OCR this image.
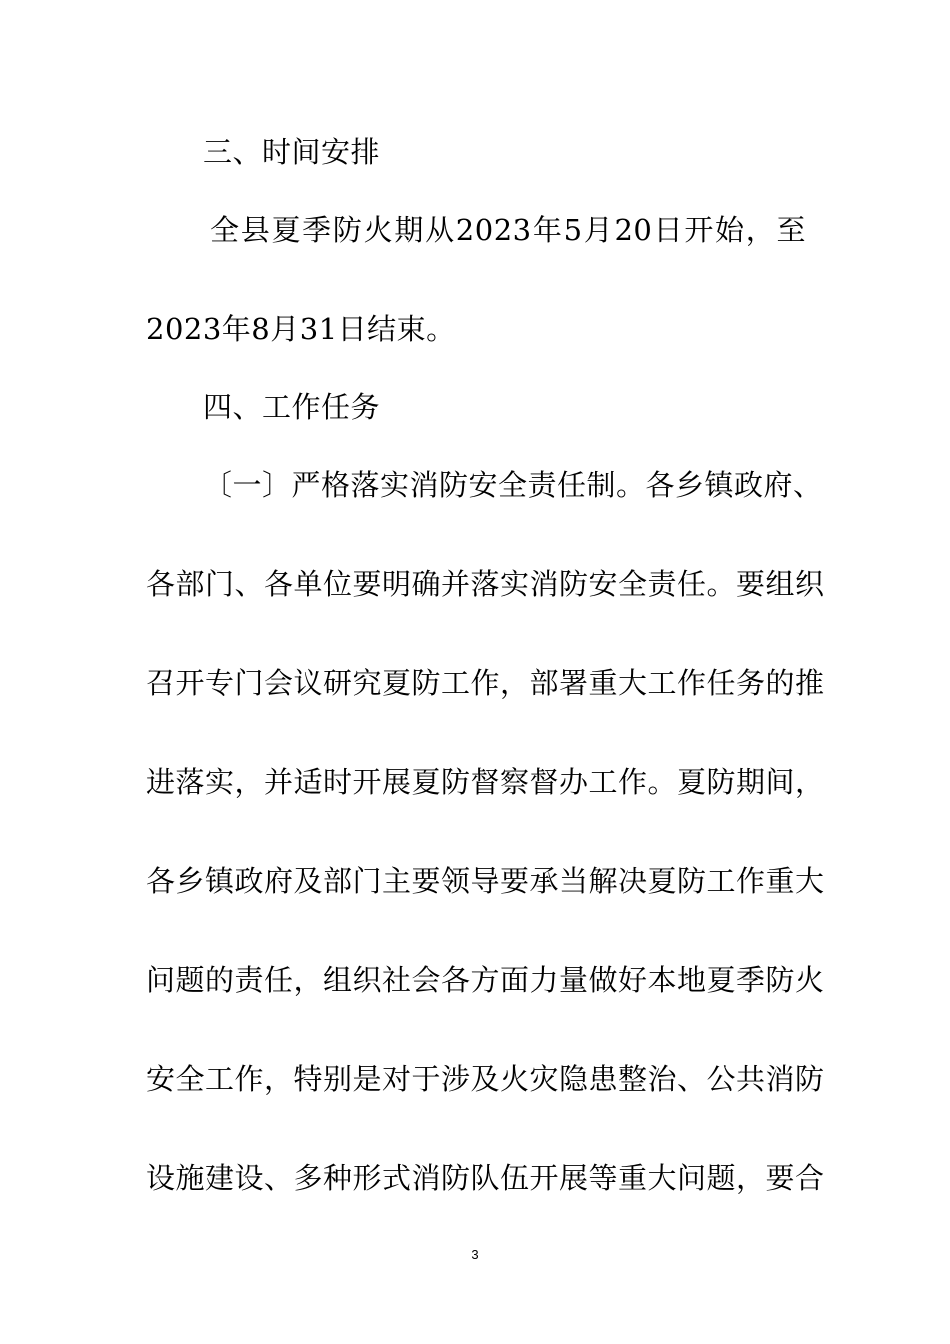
三、时间安排
全县夏季防火期从2023年5月20日开始，至
2023年8月31日结束。
四、工作任务
〔一〕严格落实消防安全责任制。各乡镇政府、
各部门、各单位要明确并落实消防安全责任。要组织
召开专门会议研究夏防工作，部署重大工作任务的推
进落实，并适时开展夏防督察督办工作。夏防期间，
各乡镇政府及部门主要领导要承当解决夏防工作重大
问题的责任，组织社会各方面力量做好本地夏季防火
安全工作，特别是对于涉及火灾隐患整治、公共消防
设施建设、多种形式消防队伍开展等重大问题，要合
3
